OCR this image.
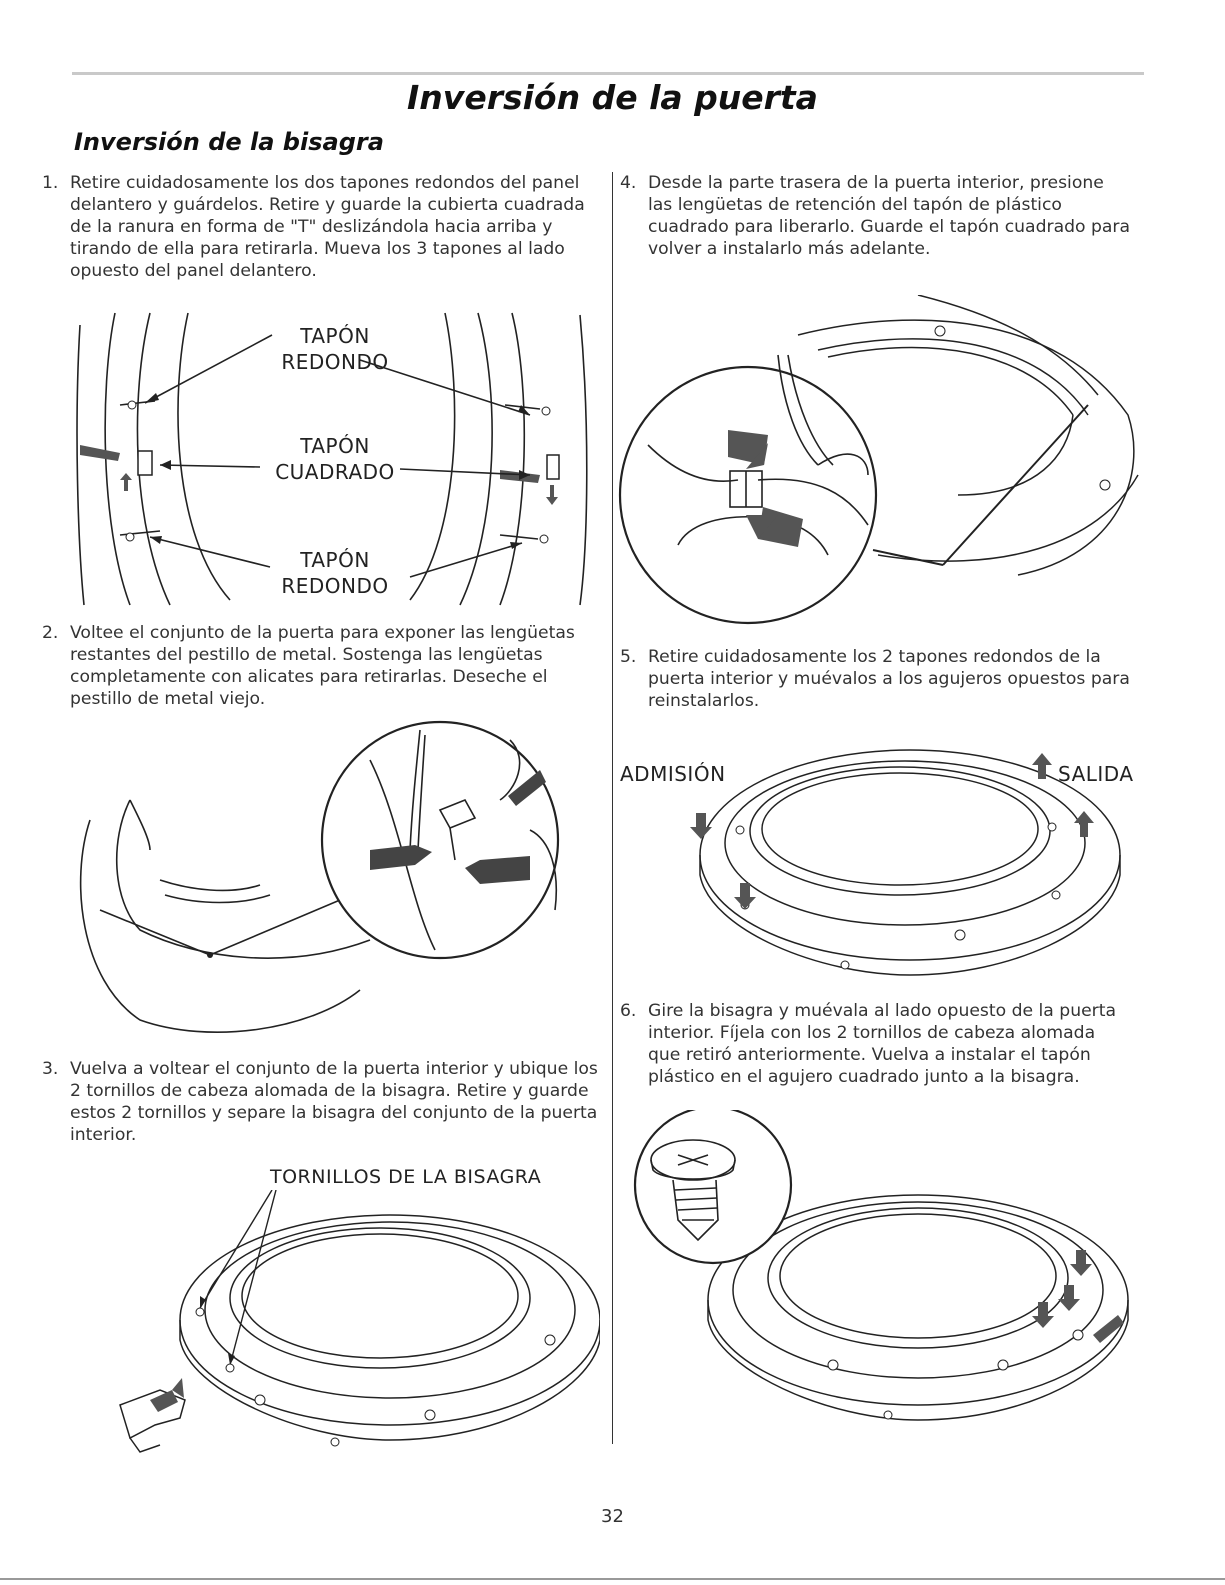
Inversión de la puerta
Inversión de la bisagra
1. Retire cuidadosamente los dos tapones redondos del panel delantero y guárdelos. Retire y guarde la cubierta cuadrada de la ranura en forma de "T" deslizándola hacia arriba y tirando de ella para retirarla. Mueva los 3 tapones al lado opuesto del panel delantero.
TAPÓN
REDONDO
TAPÓN
CUADRADO
TAPÓN
REDONDO
2. Voltee el conjunto de la puerta para exponer las lengüetas restantes del pestillo de metal. Sostenga las lengüetas completamente con alicates para retirarlas. Deseche el pestillo de metal viejo.
3. Vuelva a voltear el conjunto de la puerta interior y ubique los 2 tornillos de cabeza alomada de la bisagra. Retire y guarde estos 2 tornillos y separe la bisagra del conjunto de la puerta interior.
TORNILLOS DE LA BISAGRA
4. Desde la parte trasera de la puerta interior, presione las lengüetas de retención del tapón de plástico cuadrado para liberarlo. Guarde el tapón cuadrado para volver a instalarlo más adelante.
5. Retire cuidadosamente los 2 tapones redondos de la puerta interior y muévalos a los agujeros opuestos para reinstalarlos.
ADMISIÓN	SALIDA
6. Gire la bisagra y muévala al lado opuesto de la puerta interior. Fíjela con los 2 tornillos de cabeza alomada que retiró anteriormente. Vuelva a instalar el tapón plástico en el agujero cuadrado junto a la bisagra.
32
